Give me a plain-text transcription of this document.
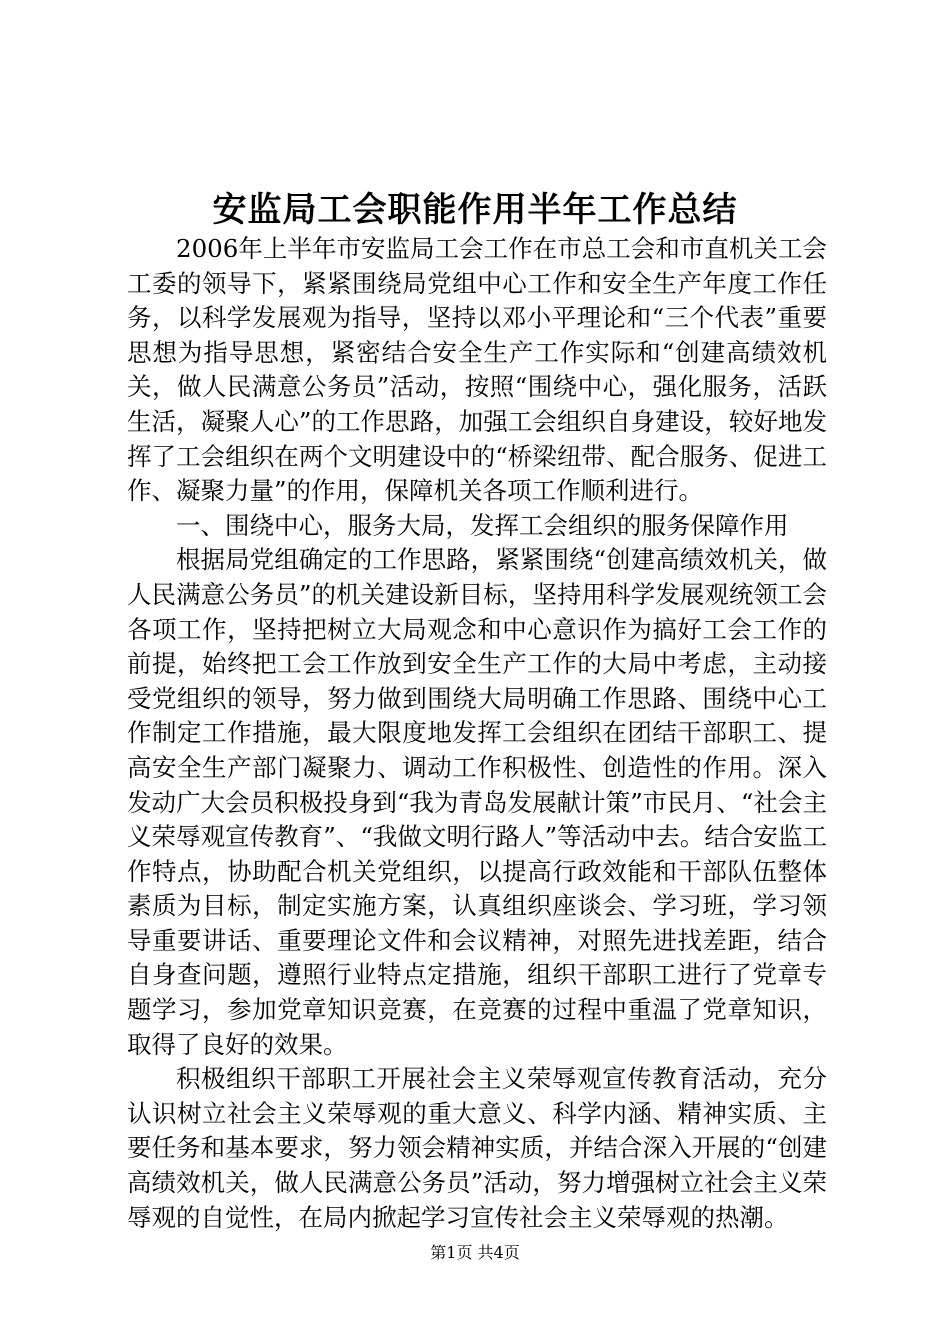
安监局工会职能作用半年工作总结

2006年上半年市安监局工会工作在市总工会和市直机关工会工委的领导下，紧紧围绕局党组中心工作和安全生产年度工作任务，以科学发展观为指导，坚持以邓小平理论和“三个代表”重要思想为指导思想，紧密结合安全生产工作实际和“创建高绩效机关，做人民满意公务员”活动，按照“围绕中心，强化服务，活跃生活，凝聚人心”的工作思路，加强工会组织自身建设，较好地发挥了工会组织在两个文明建设中的“桥梁纽带、配合服务、促进工作、凝聚力量”的作用，保障机关各项工作顺利进行。

一、围绕中心，服务大局，发挥工会组织的服务保障作用

根据局党组确定的工作思路，紧紧围绕“创建高绩效机关，做人民满意公务员”的机关建设新目标，坚持用科学发展观统领工会各项工作，坚持把树立大局观念和中心意识作为搞好工会工作的前提，始终把工会工作放到安全生产工作的大局中考虑，主动接受党组织的领导，努力做到围绕大局明确工作思路、围绕中心工作制定工作措施，最大限度地发挥工会组织在团结干部职工、提高安全生产部门凝聚力、调动工作积极性、创造性的作用。深入发动广大会员积极投身到“我为青岛发展献计策”市民月、“社会主义荣辱观宣传教育”、“我做文明行路人”等活动中去。结合安监工作特点，协助配合机关党组织，以提高行政效能和干部队伍整体素质为目标，制定实施方案，认真组织座谈会、学习班，学习领导重要讲话、重要理论文件和会议精神，对照先进找差距，结合自身查问题，遵照行业特点定措施，组织干部职工进行了党章专题学习，参加党章知识竞赛，在竞赛的过程中重温了党章知识，取得了良好的效果。

积极组织干部职工开展社会主义荣辱观宣传教育活动，充分认识树立社会主义荣辱观的重大意义、科学内涵、精神实质、主要任务和基本要求，努力领会精神实质，并结合深入开展的“创建高绩效机关，做人民满意公务员”活动，努力增强树立社会主义荣辱观的自觉性，在局内掀起学习宣传社会主义荣辱观的热潮。

第1页 共4页
